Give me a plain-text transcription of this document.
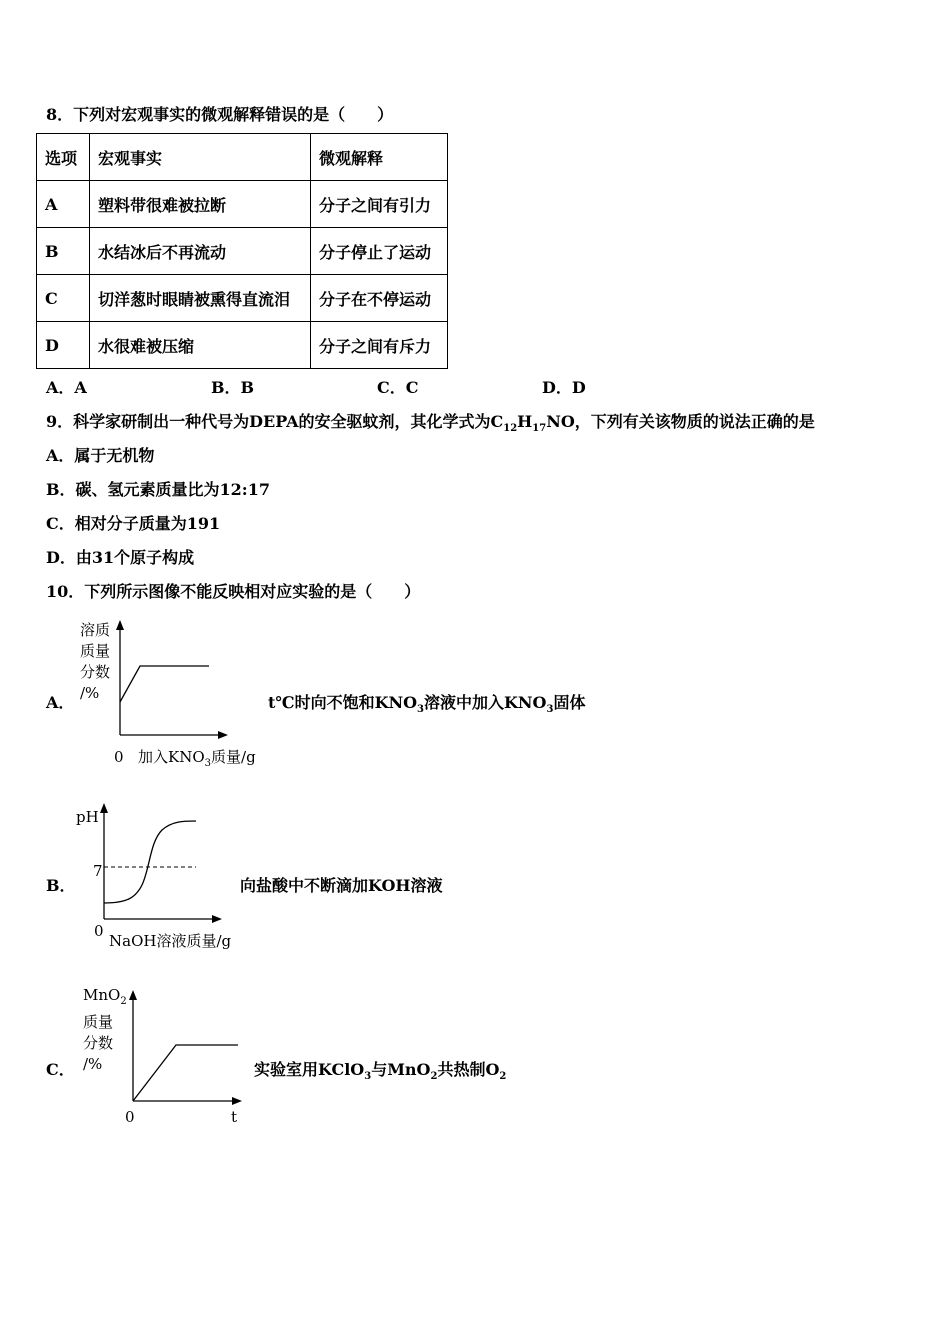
8．下列对宏观事实的微观解释错误的是（　　）
选项	宏观事实	微观解释
A	塑料带很难被拉断	分子之间有引力
B	水结冰后不再流动	分子停止了运动
C	切洋葱时眼睛被熏得直流泪	分子在不停运动
D	水很难被压缩	分子之间有斥力
A．A	B．B	C．C	D．D
9．科学家研制出一种代号为DEPA的安全驱蚊剂，其化学式为$C_{12}H_{17}NO$，下列有关该物质的说法正确的是
A．属于无机物
B．碳、氢元素质量比为12:17
C．相对分子质量为191
D．由31个原子构成
10．下列所示图像不能反映相对应实验的是（　　）
A．
溶质
质量
分数
/%
0 加入$KNO_3$质量/g
t℃时向不饱和$KNO_3$溶液中加入$KNO_3$固体
B．
pH
7
0
NaOH溶液质量/g
向盐酸中不断滴加KOH溶液
C．
MnO$_2$
质量
分数
/%
0	t
实验室用KClO$_3$与MnO$_2$共热制$O_2$
